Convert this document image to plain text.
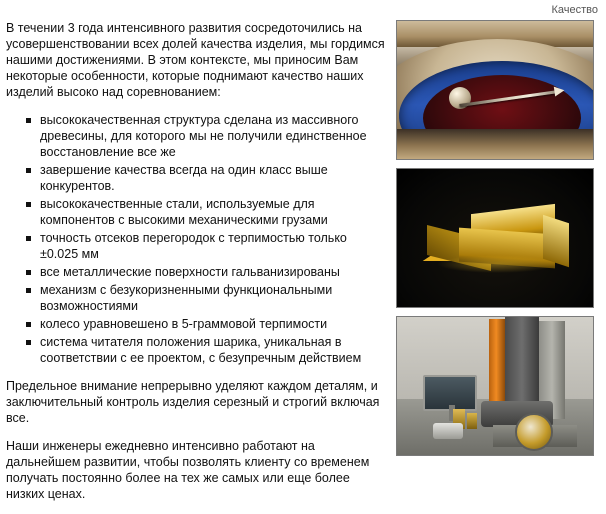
Качество

В течении 3 года интенсивного развития сосредоточились на усовершенствовании всех долей качества изделия, мы гордимся нашими достижениями. В этом контексте, мы приносим Вам некоторые особенности, которые поднимают качество наших изделий высоко над соревнованием:

высококачественная структура сделана из массивного древесины, для которого мы не получили единственное восстановление все же
завершение качества всегда на один класс выше конкурентов.
высококачественные стали, используемые для компонентов с высокими механическими грузами
точность отсеков перегородок с терпимостью только ±0.025 мм
все металлические поверхности гальванизированы
механизм с безукоризненными функциональными возможностиями
колесо уравновешено в 5-граммовой терпимости
система читателя положения шарика, уникальная в соответствии с ее проектом, с безупречным действием

Предельное внимание непрерывно уделяют каждом деталям, и заключительный контроль изделия серезный и строгий включая все.

Наши инженеры ежедневно интенсивно работают на дальнейшем развитии, чтобы позволять клиенту со временем получать постоянно более на тех же самых или еще более низких ценах.
